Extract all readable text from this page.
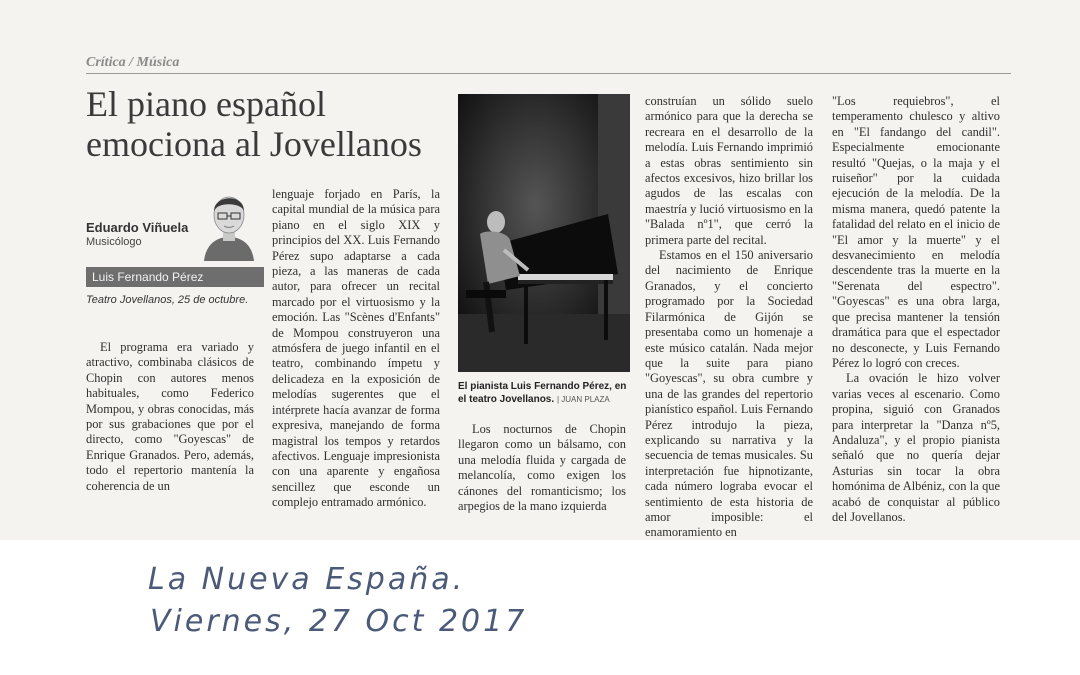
Crítica / Música
El piano español emociona al Jovellanos
Eduardo Viñuela
Musicólogo
Luis Fernando Pérez
Teatro Jovellanos, 25 de octubre.

El programa era variado y atractivo, combinaba clásicos de Chopin con autores menos habituales, como Federico Mompou, y obras conocidas, más por sus grabaciones que por el directo, como "Goyescas" de Enrique Granados. Pero, además, todo el repertorio mantenía la coherencia de un

lenguaje forjado en París, la capital mundial de la música para piano en el siglo XIX y principios del XX. Luis Fernando Pérez supo adaptarse a cada pieza, a las maneras de cada autor, para ofrecer un recital marcado por el virtuosismo y la emoción. Las "Scènes d'Enfants" de Mompou construyeron una atmósfera de juego infantil en el teatro, combinando ímpetu y delicadeza en la exposición de melodías sugerentes que el intérprete hacía avanzar de forma expresiva, manejando de forma magistral los tempos y retardos afectivos. Lenguaje impresionista con una aparente y engañosa sencillez que esconde un complejo entramado armónico.

El pianista Luis Fernando Pérez, en el teatro Jovellanos. | JUAN PLAZA

Los nocturnos de Chopin llegaron como un bálsamo, con una melodía fluida y cargada de melancolía, como exigen los cánones del romanticismo; los arpegios de la mano izquierda

construían un sólido suelo armónico para que la derecha se recreara en el desarrollo de la melodía. Luis Fernando imprimió a estas obras sentimiento sin afectos excesivos, hizo brillar los agudos de las escalas con maestría y lució virtuosismo en la "Balada nº1", que cerró la primera parte del recital.

Estamos en el 150 aniversario del nacimiento de Enrique Granados, y el concierto programado por la Sociedad Filarmónica de Gijón se presentaba como un homenaje a este músico catalán. Nada mejor que la suite para piano "Goyescas", su obra cumbre y una de las grandes del repertorio pianístico español. Luis Fernando Pérez introdujo la pieza, explicando su narrativa y la secuencia de temas musicales. Su interpretación fue hipnotizante, cada número lograba evocar el sentimiento de esta historia de amor imposible: el enamoramiento en

"Los requiebros", el temperamento chulesco y altivo en "El fandango del candil". Especialmente emocionante resultó "Quejas, o la maja y el ruiseñor" por la cuidada ejecución de la melodía. De la misma manera, quedó patente la fatalidad del relato en el inicio de "El amor y la muerte" y el desvanecimiento en melodía descendente tras la muerte en la "Serenata del espectro". "Goyescas" es una obra larga, que precisa mantener la tensión dramática para que el espectador no desconecte, y Luis Fernando Pérez lo logró con creces.

La ovación le hizo volver varias veces al escenario. Como propina, siguió con Granados para interpretar la "Danza nº5, Andaluza", y el propio pianista señaló que no quería dejar Asturias sin tocar la obra homónima de Albéniz, con la que acabó de conquistar al público del Jovellanos.

La Nueva España.
Viernes, 27 Oct 2017
